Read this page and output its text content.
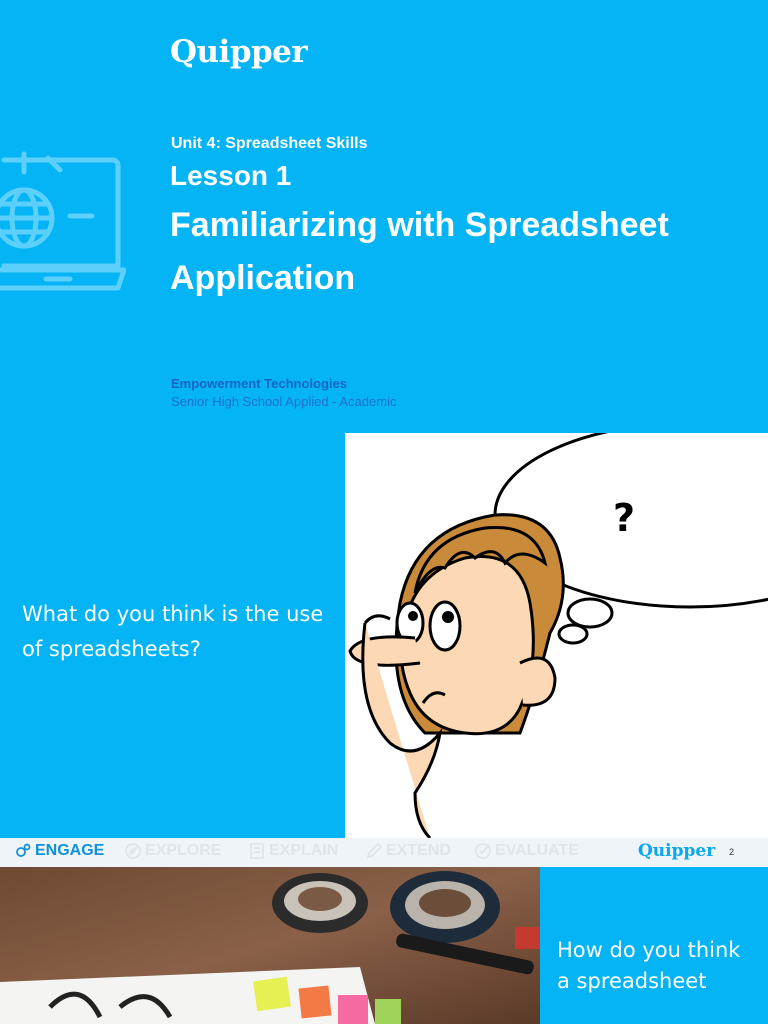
Quipper
Unit 4: Spreadsheet Skills
Lesson 1
Familiarizing with Spreadsheet Application
Empowerment Technologies
Senior High School Applied - Academic
What do you think is the use of spreadsheets?
?
ENGAGE	EXPLORE	EXPLAIN	EXTEND	EVALUATE	Quipper 2
How do you think a spreadsheet
